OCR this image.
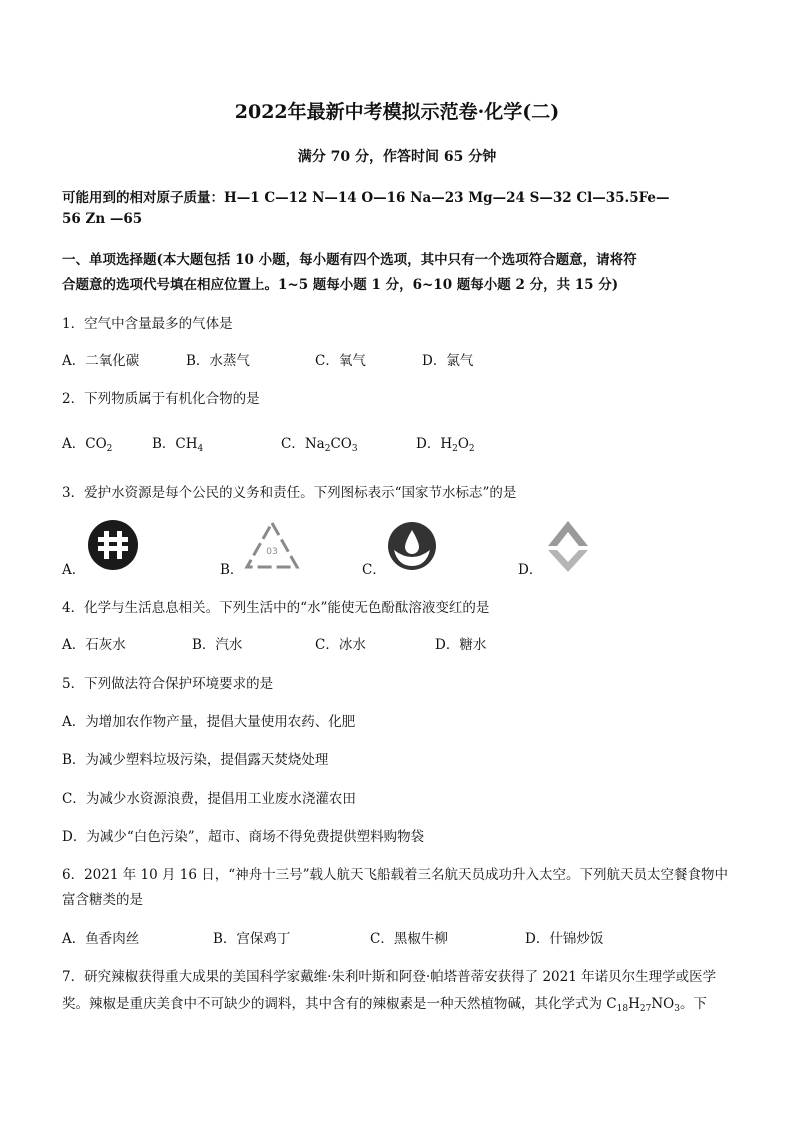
2022年最新中考模拟示范卷·化学(二)
满分 70 分，作答时间 65 分钟
可能用到的相对原子质量：H—1 C—12 N—14 O—16 Na—23 Mg—24 S—32 Cl—35.5Fe—
56 Zn —65
一、单项选择题(本大题包括 10 小题，每小题有四个选项，其中只有一个选项符合题意，请将符
合题意的选项代号填在相应位置上。1~5 题每小题 1 分，6~10 题每小题 2 分，共 15 分)
1．空气中含量最多的气体是
A．二氧化碳	B．水蒸气	C．氧气	D．氯气
2．下列物质属于有机化合物的是
A．$CO_2$	B．$CH_4$	C．$Na_2CO_3$	D．$H_2O_2$
3．爱护水资源是每个公民的义务和责任。下列图标表示“国家节水标志”的是
A．	B．
03
C．	D．
4．化学与生活息息相关。下列生活中的“水”能使无色酚酞溶液变红的是
A．石灰水	B．汽水	C．冰水	D．糖水
5．下列做法符合保护环境要求的是
A．为增加农作物产量，提倡大量使用农药、化肥
B．为减少塑料垃圾污染，提倡露天焚烧处理
C．为减少水资源浪费，提倡用工业废水浇灌农田
D．为减少“白色污染”，超市、商场不得免费提供塑料购物袋
6．2021 年 10 月 16 日，“神舟十三号”载人航天飞船载着三名航天员成功升入太空。下列航天员太空餐食物中
富含糖类的是
A．鱼香肉丝	B．宫保鸡丁	C．黑椒牛柳	D．什锦炒饭
7．研究辣椒获得重大成果的美国科学家戴维·朱利叶斯和阿登·帕塔普蒂安获得了 2021 年诺贝尔生理学或医学
奖。辣椒是重庆美食中不可缺少的调料，其中含有的辣椒素是一种天然植物碱，其化学式为 $C_{18}H_{27}NO_3$。下
